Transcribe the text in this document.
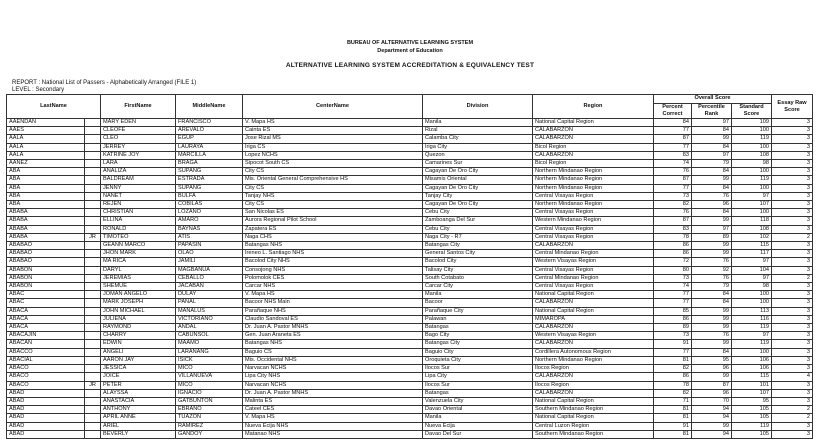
BUREAU OF ALTERNATIVE LEARNING SYSTEM
Department of Education
ALTERNATIVE LEARNING SYSTEM ACCREDITATION & EQUIVALENCY TEST
REPORT : National List of Passers - Alphabetically Arranged (FILE 1)
LEVEL : Secondary
LastName		FirstName	MiddleName	CenterName	Division	Region	Overall Score			Essay Raw Score
							Percent Correct	Percentile Rank	Standard Score	
AAENDAN		MARY EDEN	FRANCISCO	V. Mapa HS	Manila	National Capital Region	84	97	109	3
AAES		CLEOFE	AREVALO	Cainta ES	Rizal	CALABARZON	77	84	100	3
AALA		CLEO	EGUP	Jose Rizal MS	Calamba City	CALABARZON	87	99	119	3
AALA		JERREY	LAURAYA	Iriga CS	Iriga City	Bicol Region	77	84	100	3
AALA		KATRINE JOY	MARCILLA	Lopez NCHS	Quezon	CALABARZON	83	97	108	3
AANEZ		LARA	BRAGA	Sipocot South CS	Camarines Sur	Bicol Region	74	79	98	3
ABA		ANALIZA	SUPANG	City CS	Cagayan De Oro City	Northern Mindanao Region	76	84	100	3
ABA		BALDREAM	ESTRADA	Mis. Oriental General Comprehensive HS	Misamis Oriental	Northern Mindanao Region	87	99	119	3
ABA		JENNY	SUPANG	City CS	Cagayan De Oro City	Northern Mindanao Region	77	84	100	3
ABA		NANET	BULFA	Tanjay NHS	Tanjay City	Central Visayas Region	73	76	97	3
ABA		REJEN	COBILAS	City CS	Cagayan De Oro City	Northern Mindanao Region	82	96	107	3
ABABA		CHRISTIAN	LOZANO	San Nicolas ES	Cebu City	Central Visayas Region	76	84	100	3
ABABA		ELLINA	AMARO	Aurora Regional Pilot School	Zamboanga Del Sur	Western Mindanao Region	87	99	118	3
ABABA		RONALD	BAYNAS	Zapatera ES	Cebu City	Central Visayas Region	83	97	108	3
ABABA	JR	TIMOTEO	ATIS	Naga CHS	Naga City - R7	Central Visayas Region	78	89	102	2
ABABAO		GEANN MARCO	PAPASIN	Batangas NHS	Batangas City	CALABARZON	86	99	115	3
ABABAO		JHON MARK	OLAO	Ireneo L. Santiago NHS	General Santos City	Central Mindanao Region	86	99	117	3
ABABAO		MA RICA	JAMILI	Bacolod City NHS	Bacolod City	Western Visayas Region	72	76	97	3
ABABON		DARYL	MAGBANUA	Consojong NHS	Talisay City	Central Visayas Region	80	92	104	3
ABABON		JEREMIAS	CEBALLO	Polomolok CES	South Cotabato	Central Mindanao Region	73	76	97	2
ABABON		SHEMUE	JACABAN	Carcar NHS	Carcar City	Central Visayas Region	74	79	98	3
ABAC		JOMAN ANGELO	DULAY	V. Mapa HS	Manila	National Capital Region	77	84	100	3
ABAC		MARK JOSEPH	PANAL	Bacoor NHS Main	Bacoor	CALABARZON	77	84	100	3
ABACA		JOHN MICHAEL	MANALUS	Parañaque NHS	Parañaque City	National Capital Region	85	99	113	3
ABACA		JULIENA	VICTORIANO	Claudio Sandoval ES	Palawan	MIMAROPA	86	99	116	3
ABACA		RAYMOND	ANDAL	Dr. Juan A. Pastor MNHS	Batangas	CALABARZON	89	99	119	3
ABACAJIN		CHARRY	CABUNSOL	Gen. Juan Araneta ES	Bago City	Western Visayas Region	73	76	97	3
ABACAN		EDWIN	MAAMO	Batangas NHS	Batangas City	CALABARZON	91	99	119	3
ABACCO		ANGELI	LARANANG	Baguio CS	Baguio City	Cordillera Autonomous Region	77	84	100	3
ABACIAL		AARON JAY	ISICK	Mis. Occidental NHS	Oroquieta City	Northern Mindanao Region	81	95	106	3
ABACO		JESSICA	MICO	Narvacan NCHS	Ilocos Sur	Ilocos Region	82	96	106	3
ABACO		JOICE	VILLANUEVA	Lipa City NHS	Lipa City	CALABARZON	86	99	115	4
ABACO	JR	PETER	MICO	Narvacan NCHS	Ilocos Sur	Ilocos Region	78	87	101	3
ABAD		ALAYSSA	IGNACIO	Dr. Juan A. Pastor MNHS	Batangas	CALABARZON	82	96	107	3
ABAD		ANASTACIA	GATBUNTON	Malinta ES	Valenzuela City	National Capital Region	71	70	95	3
ABAD		ANTHONY	EBRANO	Cateel CES	Davao Oriental	Southern Mindanao Region	81	94	105	2
ABAD		APRIL ANNE	TUAZON	V. Mapa HS	Manila	National Capital Region	81	94	105	2
ABAD		ARIEL	RAMIREZ	Nueva Ecija NHS	Nueva Ecija	Central Luzon Region	91	99	119	3
ABAD		BEVERLY	GANDOY	Matanao NHS	Davao Del Sur	Southern Mindanao Region	81	94	105	3
